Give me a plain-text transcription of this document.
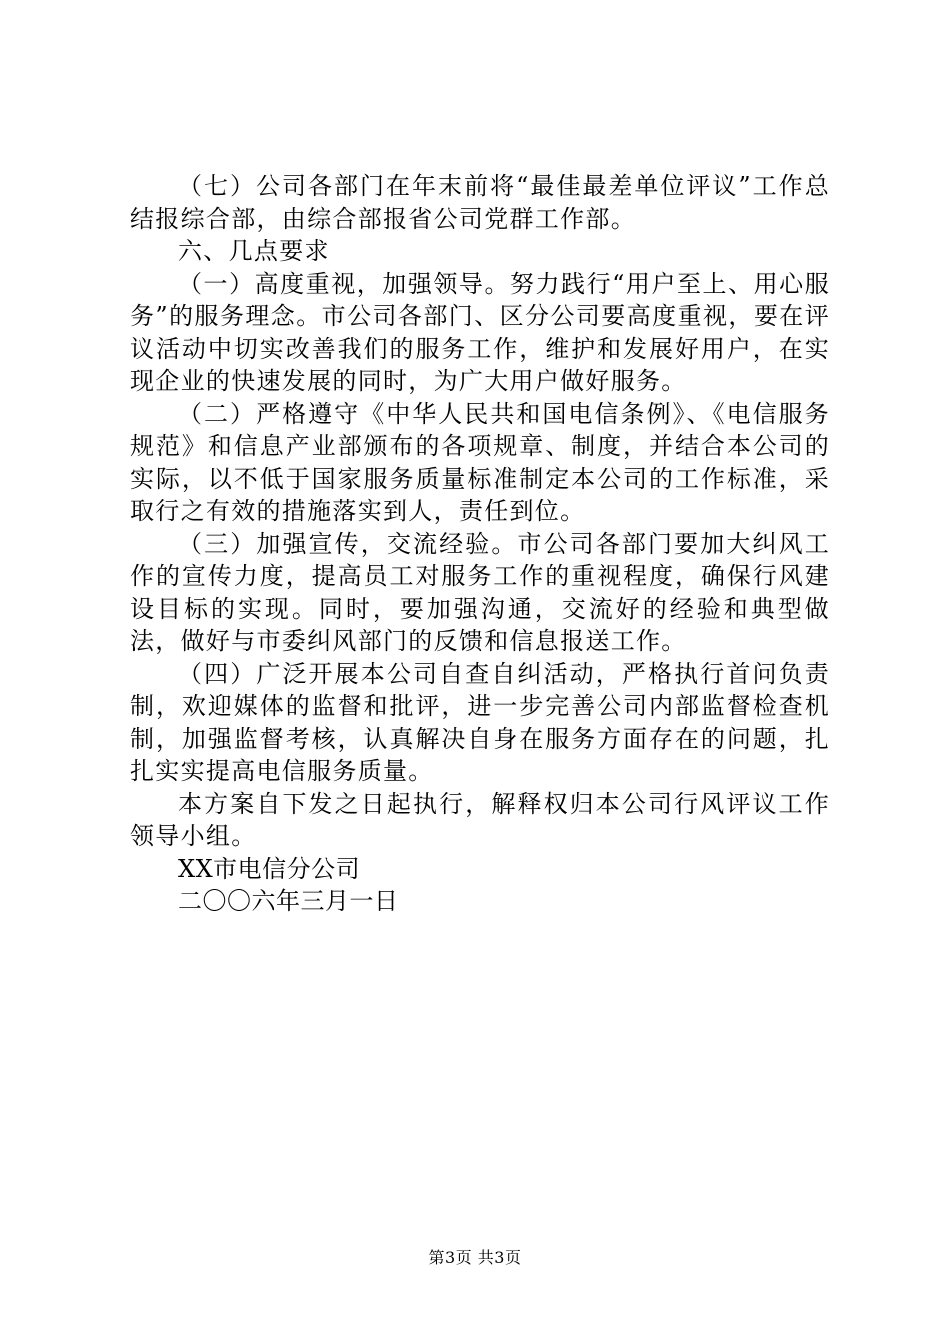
（七）公司各部门在年末前将“最佳最差单位评议”工作总结报综合部，由综合部报省公司党群工作部。

六、几点要求

（一）高度重视，加强领导。努力践行“用户至上、用心服务”的服务理念。市公司各部门、区分公司要高度重视，要在评议活动中切实改善我们的服务工作，维护和发展好用户，在实现企业的快速发展的同时，为广大用户做好服务。

（二）严格遵守《中华人民共和国电信条例》、《电信服务规范》和信息产业部颁布的各项规章、制度，并结合本公司的实际，以不低于国家服务质量标准制定本公司的工作标准，采取行之有效的措施落实到人，责任到位。

（三）加强宣传，交流经验。市公司各部门要加大纠风工作的宣传力度，提高员工对服务工作的重视程度，确保行风建设目标的实现。同时，要加强沟通，交流好的经验和典型做法，做好与市委纠风部门的反馈和信息报送工作。

（四）广泛开展本公司自查自纠活动，严格执行首问负责制，欢迎媒体的监督和批评，进一步完善公司内部监督检查机制，加强监督考核，认真解决自身在服务方面存在的问题，扎扎实实提高电信服务质量。

本方案自下发之日起执行，解释权归本公司行风评议工作领导小组。

XX市电信分公司

二〇〇六年三月一日

第3页 共3页
